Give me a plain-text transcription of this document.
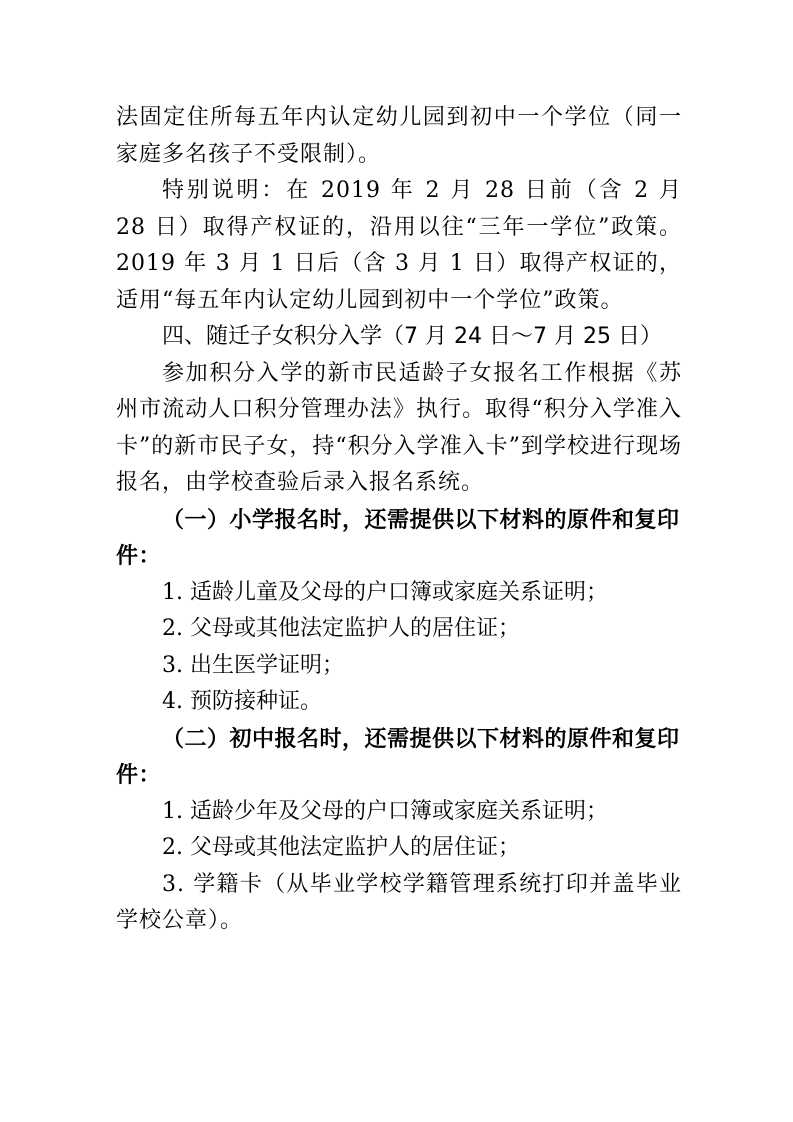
法固定住所每五年内认定幼儿园到初中一个学位（同一家庭多名孩子不受限制）。

特别说明：在 2019 年 2 月 28 日前（含 2 月 28 日）取得产权证的，沿用以往“三年一学位”政策。2019 年 3 月 1 日后（含 3 月 1 日）取得产权证的，适用“每五年内认定幼儿园到初中一个学位”政策。

四、随迁子女积分入学（7 月 24 日～7 月 25 日）

参加积分入学的新市民适龄子女报名工作根据《苏州市流动人口积分管理办法》执行。取得“积分入学准入卡”的新市民子女，持“积分入学准入卡”到学校进行现场报名，由学校查验后录入报名系统。

（一）小学报名时，还需提供以下材料的原件和复印件：

1. 适龄儿童及父母的户口簿或家庭关系证明；

2. 父母或其他法定监护人的居住证；

3. 出生医学证明；

4. 预防接种证。

（二）初中报名时，还需提供以下材料的原件和复印件：

1. 适龄少年及父母的户口簿或家庭关系证明；

2. 父母或其他法定监护人的居住证；

3. 学籍卡（从毕业学校学籍管理系统打印并盖毕业学校公章）。
